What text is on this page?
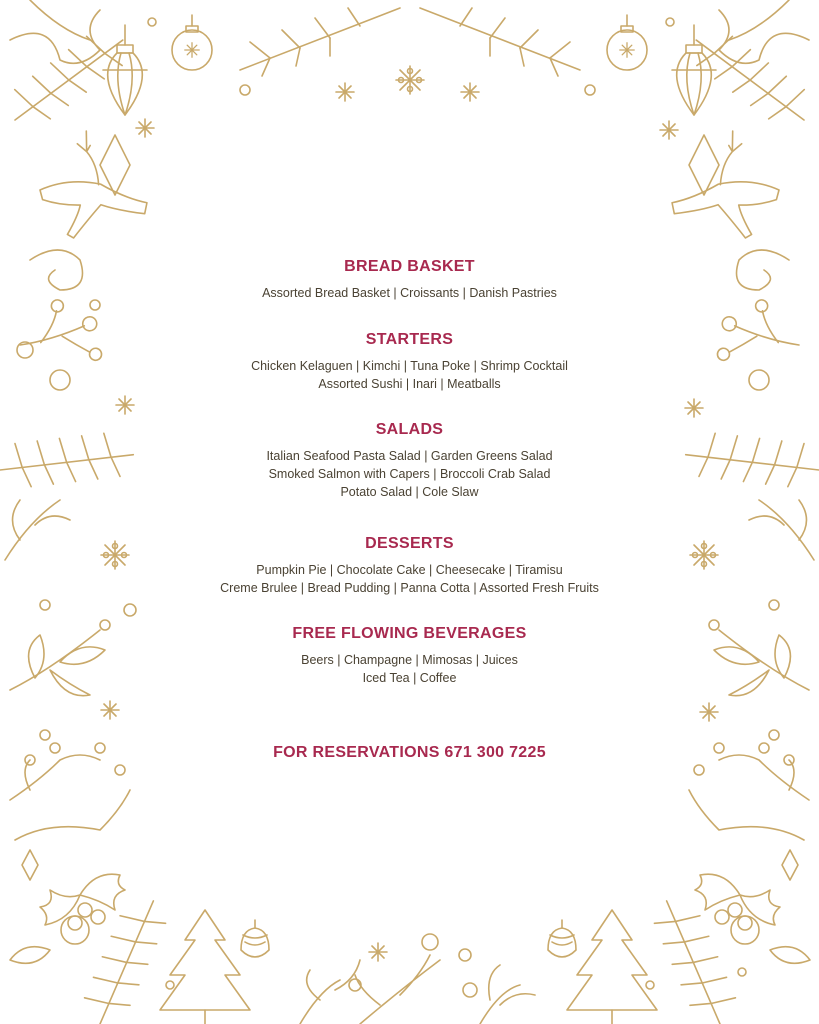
BREAD BASKET
Assorted Bread Basket | Croissants | Danish Pastries
STARTERS
Chicken Kelaguen | Kimchi | Tuna Poke | Shrimp Cocktail
Assorted Sushi | Inari | Meatballs
SALADS
Italian Seafood Pasta Salad | Garden Greens Salad
Smoked Salmon with Capers | Broccoli Crab Salad
Potato Salad | Cole Slaw
DESSERTS
Pumpkin Pie | Chocolate Cake | Cheesecake | Tiramisu
Creme Brulee | Bread Pudding | Panna Cotta | Assorted Fresh Fruits
FREE FLOWING BEVERAGES
Beers | Champagne | Mimosas | Juices
Iced Tea | Coffee
FOR RESERVATIONS 671 300 7225
